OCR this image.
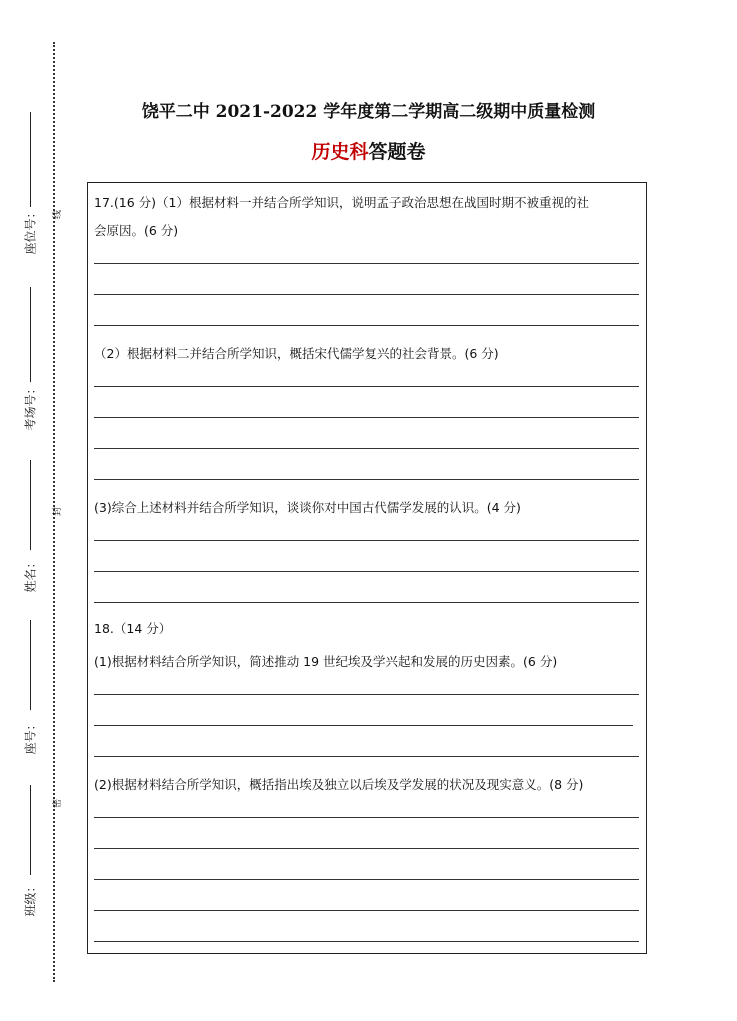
座位号：	线
考场号：
姓名：
封
座号：
密
班级：
饶平二中 2021-2022 学年度第二学期高二级期中质量检测
历史科答题卷
17.(16 分)（1）根据材料一并结合所学知识，说明孟子政治思想在战国时期不被重视的社
会原因。(6 分)
（2）根据材料二并结合所学知识，概括宋代儒学复兴的社会背景。(6 分)
(3)综合上述材料并结合所学知识，谈谈你对中国古代儒学发展的认识。(4 分)
18.（14 分）
(1)根据材料结合所学知识，简述推动 19 世纪埃及学兴起和发展的历史因素。(6 分)
(2)根据材料结合所学知识，概括指出埃及独立以后埃及学发展的状况及现实意义。(8 分)
